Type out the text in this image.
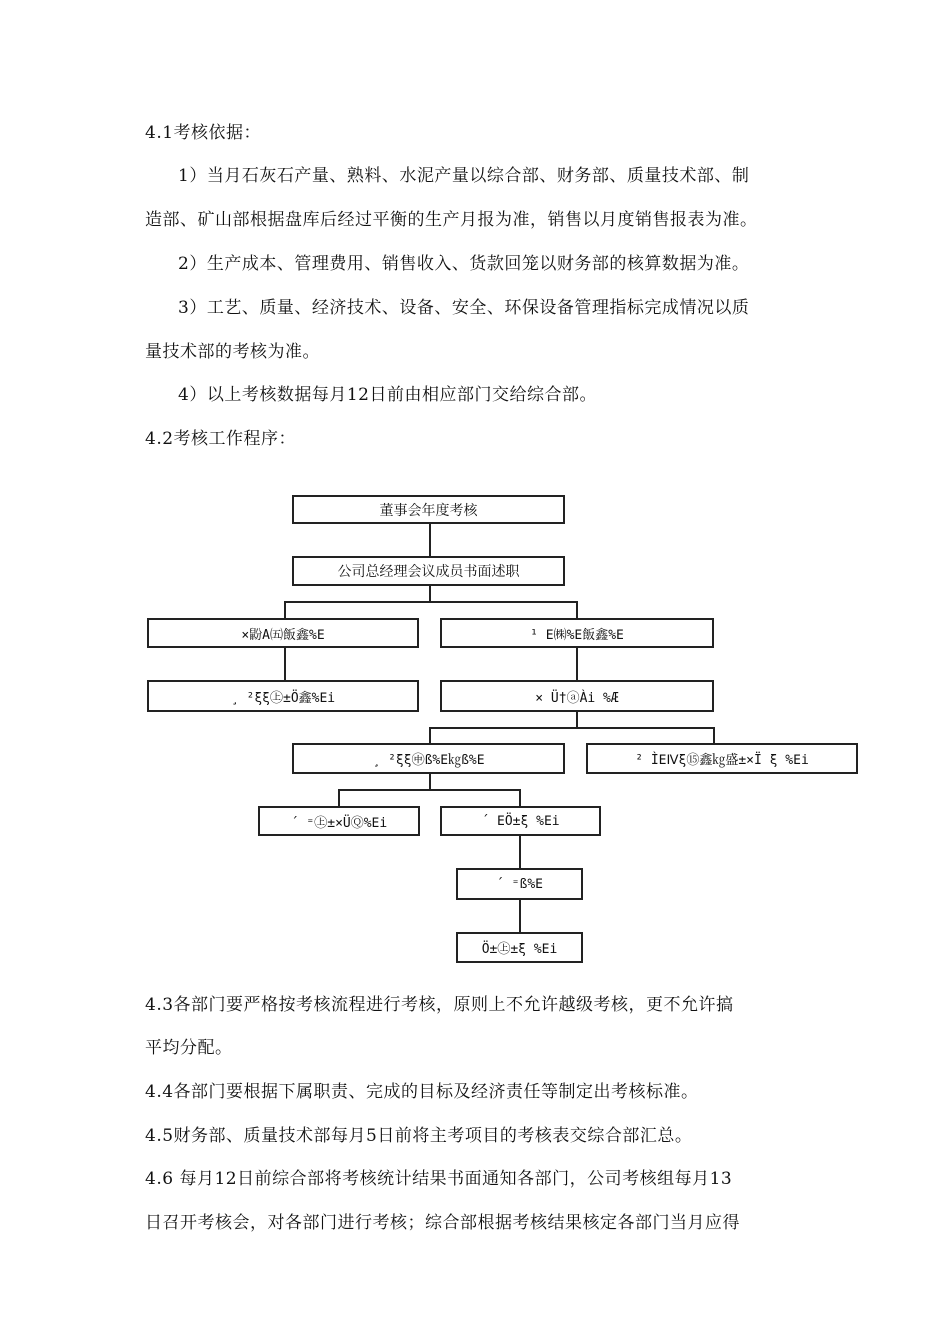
4.1考核依据：
1）当月石灰石产量、熟料、水泥产量以综合部、财务部、质量技术部、制
造部、矿山部根据盘库后经过平衡的生产月报为准，销售以月度销售报表为准。
2）生产成本、管理费用、销售收入、货款回笼以财务部的核算数据为准。
3）工艺、质量、经济技术、设备、安全、环保设备管理指标完成情况以质
量技术部的考核为准。
4）以上考核数据每月12日前由相应部门交给综合部。
4.2考核工作程序：
董事会年度考核
公司总经理会议成员书面述职
×鼢A㈤飯鑫%Ε	¹ Ε㈱%Ε飯鑫%Ε
¸ ²ξξ㊤±Ö鑫%Εi	× Ü†ⓐÀi %Æ
¸ ²ξξ㊥ß%Ε㎏ß%Ε	² ÌΕⅣξ⑮鑫㎏盛±×Ï ξ %Εi
´ ⁼㊤±×ÜⓆ%Εi	´ ΕÖ±ξ %Εi
´ ⁼ß%Ε
Ö±㊤±ξ %Εi
4.3各部门要严格按考核流程进行考核，原则上不允许越级考核，更不允许搞
平均分配。
4.4各部门要根据下属职责、完成的目标及经济责任等制定出考核标准。
4.5财务部、质量技术部每月5日前将主考项目的考核表交综合部汇总。
4.6 每月12日前综合部将考核统计结果书面通知各部门，公司考核组每月13
日召开考核会，对各部门进行考核；综合部根据考核结果核定各部门当月应得
